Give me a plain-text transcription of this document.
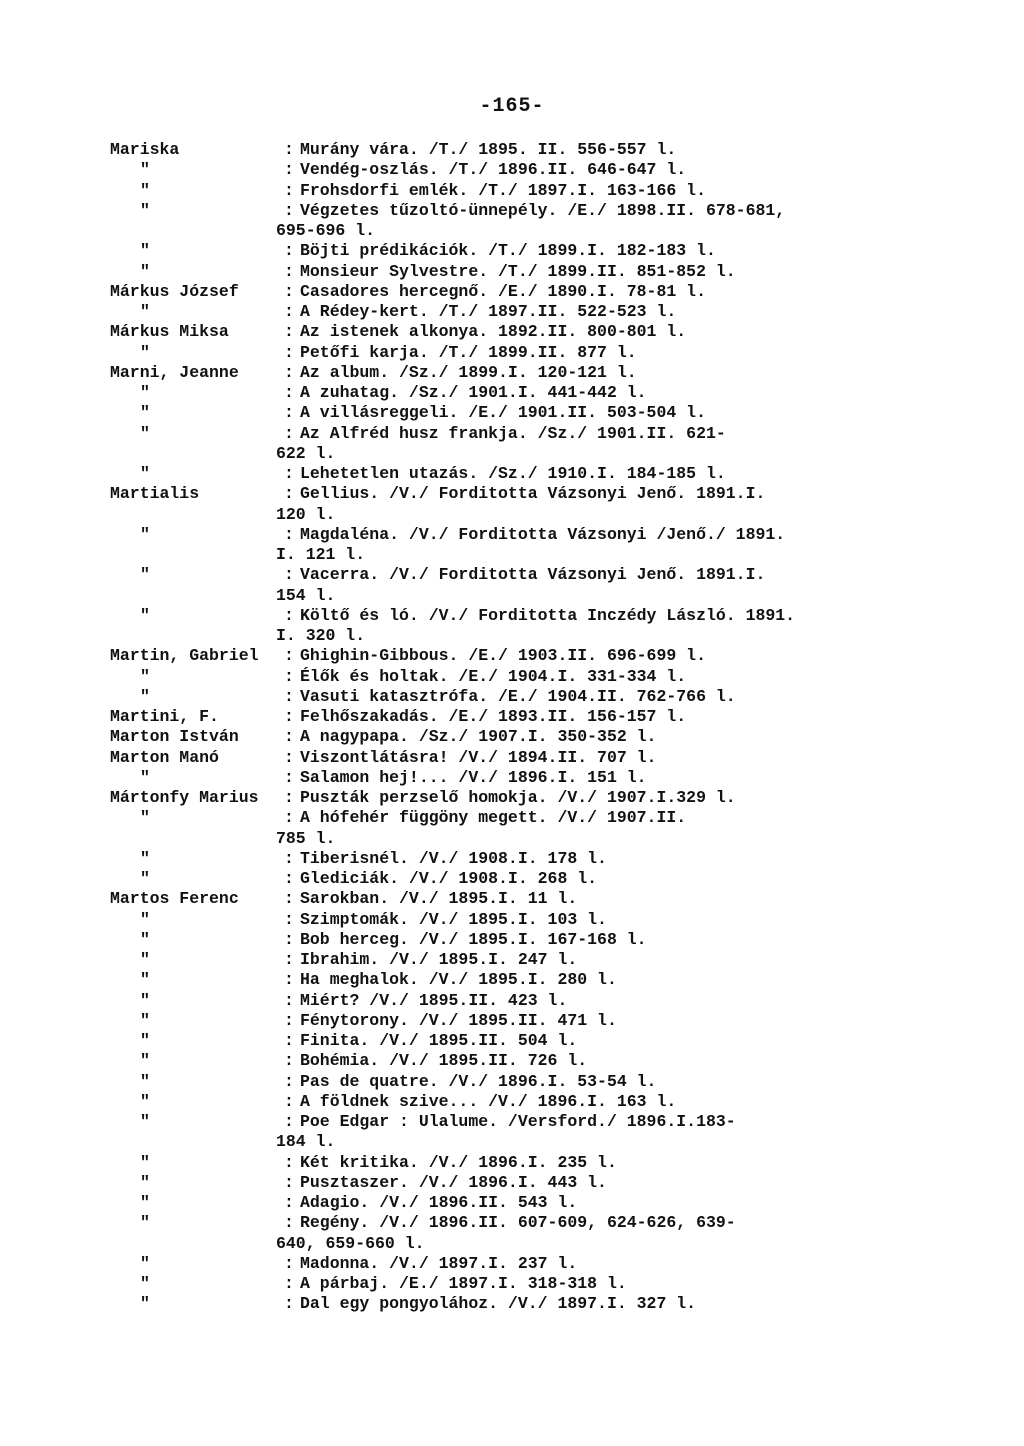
-165-
Mariska	: Murány vára. /T./ 1895. II. 556-557 l.
"	: Vendég-oszlás. /T./ 1896.II. 646-647 l.
"	: Frohsdorfi emlék. /T./ 1897.I. 163-166 l.
"	: Végzetes tűzoltó-ünnepély. /E./ 1898.II. 678-681,
695-696 l.
"	: Böjti prédikációk. /T./ 1899.I. 182-183 l.
"	: Monsieur Sylvestre. /T./ 1899.II. 851-852 l.
Márkus József	: Casadores hercegnő. /E./ 1890.I. 78-81 l.
"	: A Rédey-kert. /T./ 1897.II. 522-523 l.
Márkus Miksa	: Az istenek alkonya. 1892.II. 800-801 l.
"	: Petőfi karja. /T./ 1899.II. 877 l.
Marni, Jeanne	: Az album. /Sz./ 1899.I. 120-121 l.
"	: A zuhatag. /Sz./ 1901.I. 441-442 l.
"	: A villásreggeli. /E./ 1901.II. 503-504 l.
"	: Az Alfréd husz frankja. /Sz./ 1901.II. 621-
622 l.
"	: Lehetetlen utazás. /Sz./ 1910.I. 184-185 l.
Martialis	: Gellius. /V./ Forditotta Vázsonyi Jenő. 1891.I.
120 l.
"	: Magdaléna. /V./ Forditotta Vázsonyi /Jenő./ 1891.
I. 121 l.
"	: Vacerra. /V./ Forditotta Vázsonyi Jenő. 1891.I.
154 l.
"	: Költő és ló. /V./ Forditotta Inczédy László. 1891.
I. 320 l.
Martin, Gabriel : Ghighin-Gibbous. /E./ 1903.II. 696-699 l.
"	: Élők és holtak. /E./ 1904.I. 331-334 l.
"	: Vasuti katasztrófa. /E./ 1904.II. 762-766 l.
Martini, F.	: Felhőszakadás. /E./ 1893.II. 156-157 l.
Marton István	: A nagypapa. /Sz./ 1907.I. 350-352 l.
Marton Manó	: Viszontlátásra! /V./ 1894.II. 707 l.
"	: Salamon hej!... /V./ 1896.I. 151 l.
Mártonfy Marius : Puszták perzselő homokja. /V./ 1907.I.329 l.
"	: A hófehér függöny megett. /V./ 1907.II.
785 l.
"	: Tiberisnél. /V./ 1908.I. 178 l.
"	: Glediciák. /V./ 1908.I. 268 l.
Martos Ferenc	: Sarokban. /V./ 1895.I. 11 l.
"	: Szimptomák. /V./ 1895.I. 103 l.
"	: Bob herceg. /V./ 1895.I. 167-168 l.
"	: Ibrahim. /V./ 1895.I. 247 l.
"	: Ha meghalok. /V./ 1895.I. 280 l.
"	: Miért? /V./ 1895.II. 423 l.
"	: Fénytorony. /V./ 1895.II. 471 l.
"	: Finita. /V./ 1895.II. 504 l.
"	: Bohémia. /V./ 1895.II. 726 l.
"	: Pas de quatre. /V./ 1896.I. 53-54 l.
"	: A földnek szive... /V./ 1896.I. 163 l.
"	: Poe Edgar : Ulalume. /Versford./ 1896.I.183-
184 l.
"	: Két kritika. /V./ 1896.I. 235 l.
"	: Pusztaszer. /V./ 1896.I. 443 l.
"	: Adagio. /V./ 1896.II. 543 l.
"	: Regény. /V./ 1896.II. 607-609, 624-626, 639-
640, 659-660 l.
"	: Madonna. /V./ 1897.I. 237 l.
"	: A párbaj. /E./ 1897.I. 318-318 l.
"	: Dal egy pongyolához. /V./ 1897.I. 327 l.
